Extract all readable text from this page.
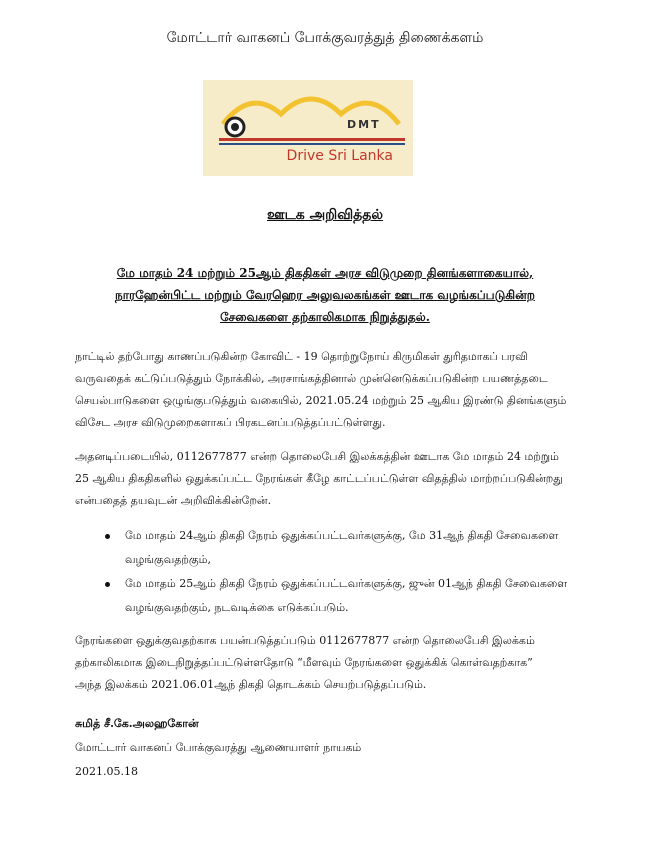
மோட்டார் வாகனப் போக்குவரத்துத் திணைக்களம்
DMT
Drive Sri Lanka
ஊடக அறிவித்தல்
மே மாதம் 24 மற்றும் 25ஆம் திகதிகள் அரச விடுமுறை தினங்களாகையால்,
நாரஹேன்பிட்ட மற்றும் வேரஹெர அலுவலகங்கள் ஊடாக வழங்கப்படுகின்ற
சேவைகளை தற்காலிகமாக நிறுத்துதல்.
நாட்டில் தற்போது காணப்படுகின்ற கோவிட் - 19 தொற்றுநோய் கிருமிகள் துரிதமாகப் பரவி
வருவதைக் கட்டுப்படுத்தும் நோக்கில், அரசாங்கத்தினால் முன்னெடுக்கப்படுகின்ற பயணத்தடை
செயல்பாடுகளை ஒழுங்குபடுத்தும் வகையில், 2021.05.24 மற்றும் 25 ஆகிய இரண்டு தினங்களும்
விசேட அரச விடுமுறைகளாகப் பிரகடனப்படுத்தப்பட்டுள்ளது.
அதனடிப்படையில், 0112677877 என்ற தொலைபேசி இலக்கத்தின் ஊடாக மே மாதம் 24 மற்றும்
25 ஆகிய திகதிகளில் ஒதுக்கப்பட்ட நேரங்கள் கீழே காட்டப்பட்டுள்ள விதத்தில் மாற்றப்படுகின்றது
என்பதைத் தயவுடன் அறிவிக்கின்றேன்.
மே மாதம் 24ஆம் திகதி நேரம் ஒதுக்கப்பட்டவர்களுக்கு, மே 31ஆந் திகதி சேவைகளை
வழங்குவதற்கும்,
மே மாதம் 25ஆம் திகதி நேரம் ஒதுக்கப்பட்டவர்களுக்கு, ஜுன் 01ஆந் திகதி சேவைகளை
வழங்குவதற்கும், நடவடிக்கை எடுக்கப்படும்.
நேரங்களை ஒதுக்குவதற்காக பயன்படுத்தப்படும் 0112677877 என்ற தொலைபேசி இலக்கம்
தற்காலிகமாக இடைநிறுத்தப்பட்டுள்ளதோடு “மீளவும் நேரங்களை ஒதுக்கிக் கொள்வதற்காக”
அந்த இலக்கம் 2021.06.01ஆந் திகதி தொடக்கம் செயற்படுத்தப்படும்.
சுமித் சீ.கே.அலஹகோன்
மோட்டார் வாகனப் போக்குவரத்து ஆணையாளர் நாயகம்
2021.05.18
